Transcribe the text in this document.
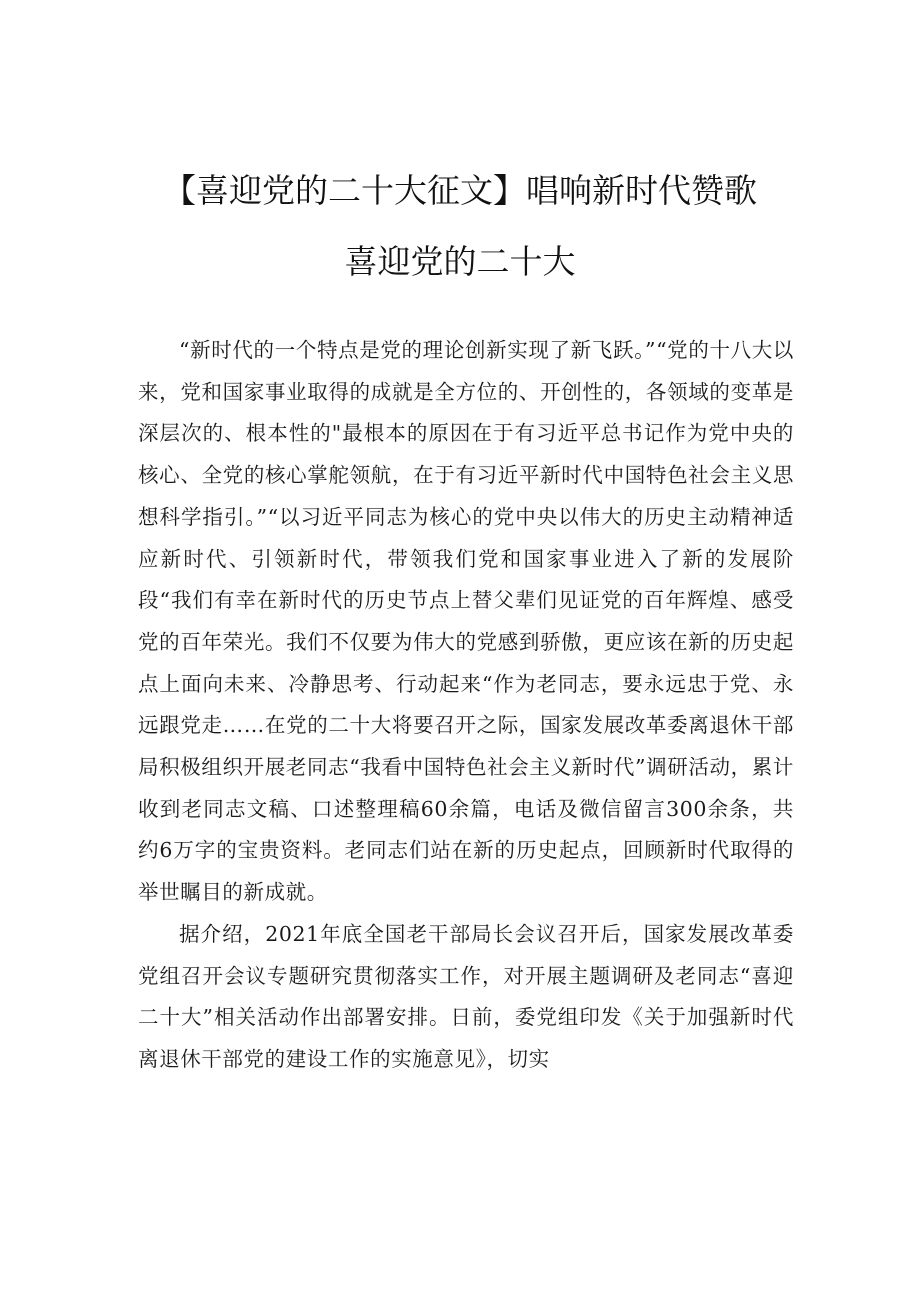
【喜迎党的二十大征文】唱响新时代赞歌
喜迎党的二十大

“新时代的一个特点是党的理论创新实现了新飞跃。”“党的十八大以来，党和国家事业取得的成就是全方位的、开创性的，各领域的变革是深层次的、根本性的"最根本的原因在于有习近平总书记作为党中央的核心、全党的核心掌舵领航，在于有习近平新时代中国特色社会主义思想科学指引。”“以习近平同志为核心的党中央以伟大的历史主动精神适应新时代、引领新时代，带领我们党和国家事业进入了新的发展阶段“我们有幸在新时代的历史节点上替父辈们见证党的百年辉煌、感受党的百年荣光。我们不仅要为伟大的党感到骄傲，更应该在新的历史起点上面向未来、冷静思考、行动起来“作为老同志，要永远忠于党、永远跟党走……在党的二十大将要召开之际，国家发展改革委离退休干部局积极组织开展老同志“我看中国特色社会主义新时代”调研活动，累计收到老同志文稿、口述整理稿60余篇，电话及微信留言300余条，共约6万字的宝贵资料。老同志们站在新的历史起点，回顾新时代取得的举世瞩目的新成就。

据介绍，2021年底全国老干部局长会议召开后，国家发展改革委党组召开会议专题研究贯彻落实工作，对开展主题调研及老同志“喜迎二十大”相关活动作出部署安排。日前，委党组印发《关于加强新时代离退休干部党的建设工作的实施意见》，切实
